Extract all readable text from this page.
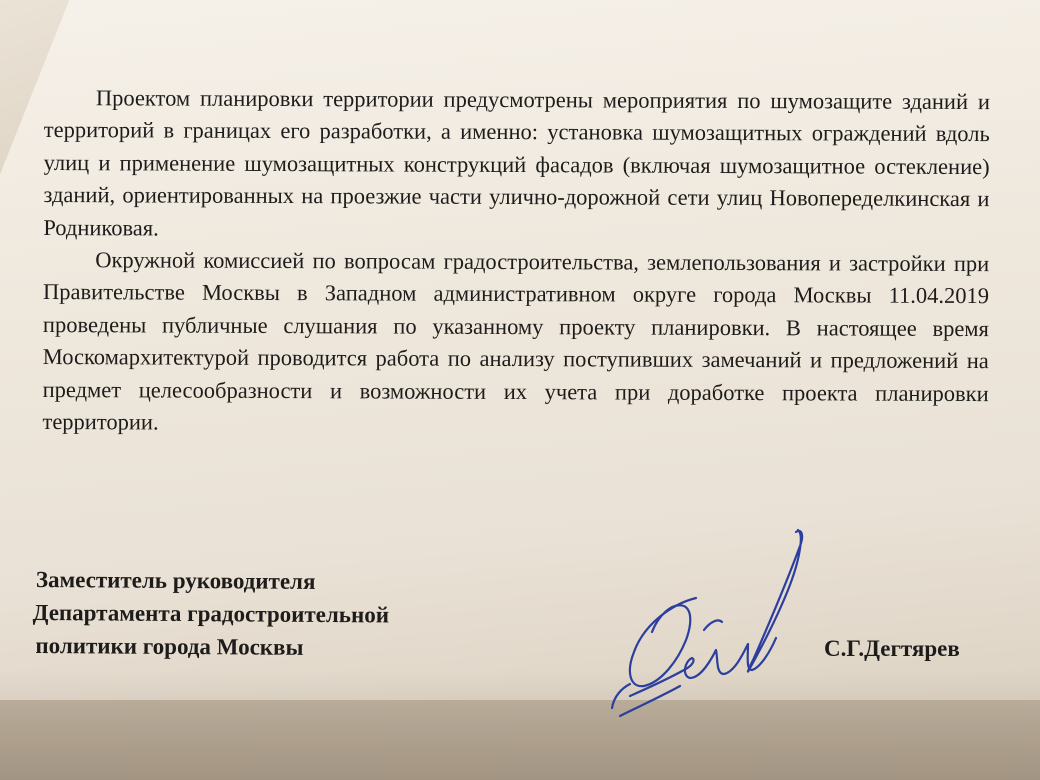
Проектом планировки территории предусмотрены мероприятия по шумозащите зданий и территорий в границах его разработки, а именно: установка шумозащитных ограждений вдоль улиц и применение шумозащитных конструкций фасадов (включая шумозащитное остекление) зданий, ориентированных на проезжие части улично-дорожной сети улиц Новопеределкинская и Родниковая.

Окружной комиссией по вопросам градостроительства, землепользования и застройки при Правительстве Москвы в Западном административном округе города Москвы 11.04.2019 проведены публичные слушания по указанному проекту планировки. В настоящее время Москомархитектурой проводится работа по анализу поступивших замечаний и предложений на предмет целесообразности и возможности их учета при доработке проекта планировки территории.

Заместитель руководителя
Департамента градостроительной
политики города Москвы	С.Г.Дегтярев
